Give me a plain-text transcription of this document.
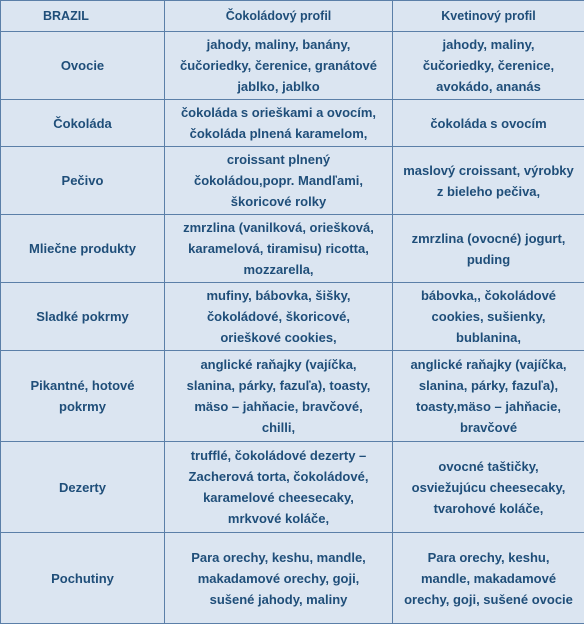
BRAZIL	Čokoládový profil	Kvetinový profil

Ovocie	jahody, maliny, banány,
čučoriedky, čerenice, granátové
jablko, jablko	jahody, maliny,
čučoriedky, čerenice,
avokádo, ananás

Čokoláda	čokoláda s orieškami a ovocím,
čokoláda plnená karamelom,	čokoláda s ovocím

Pečivo	croissant plnený
čokoládou,popr. Mandľami,
škoricové rolky	maslový croissant, výrobky
z bieleho pečiva,

Mliečne produkty	zmrzlina (vanilková, oriešková,
karamelová, tiramisu) ricotta,
mozzarella,	zmrzlina (ovocné) jogurt,
puding

Sladké pokrmy	mufiny, bábovka, šišky,
čokoládové, škoricové,
orieškové cookies,	bábovka,, čokoládové
cookies, sušienky,
bublanina,

Pikantné, hotové
pokrmy	anglické raňajky (vajíčka,
slanina, párky, fazuľa), toasty,
mäso – jahňacie, bravčové,
chilli,	anglické raňajky (vajíčka,
slanina, párky, fazuľa),
toasty,mäso – jahňacie,
bravčové

Dezerty	trufflé, čokoládové dezerty –
Zacherová torta, čokoládové,
karamelové cheesecaky,
mrkvové koláče,	ovocné taštičky,
osviežujúcu cheesecaky,
tvarohové koláče,

Pochutiny	Para orechy, keshu, mandle,
makadamové orechy, goji,
sušené jahody, maliny	Para orechy, keshu,
mandle, makadamové
orechy, goji, sušené ovocie
